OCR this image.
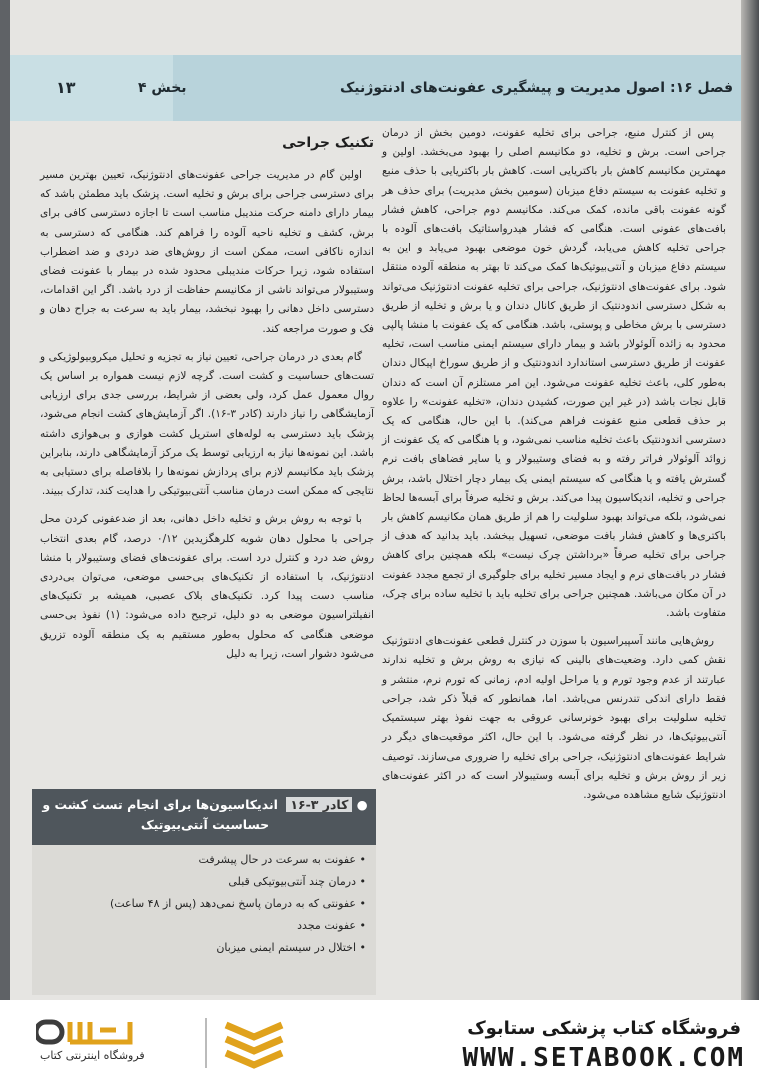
فصل ۱۶: اصول مدیریت و پیشگیری عفونت‌های ادنتوژنیک
بخش ۴
۱۳

پس از کنترل منبع، جراحی برای تخلیه عفونت، دومین بخش از درمان جراحی است. برش و تخلیه، دو مکانیسم اصلی را بهبود می‌بخشد. اولین و مهمترین مکانیسم کاهش بار باکتریایی است. کاهش بار باکتریایی با حذف منبع و تخلیه عفونت به سیستم دفاع میزبان (سومین بخش مدیریت) برای حذف هر گونه عفونت باقی مانده، کمک می‌کند. مکانیسم دوم جراحی، کاهش فشار بافت‌های عفونی است. هنگامی که فشار هیدرواستاتیک بافت‌های آلوده با جراحی تخلیه کاهش می‌یابد، گردش خون موضعی بهبود می‌یابد و این به سیستم دفاع میزبان و آنتی‌بیوتیک‌ها کمک می‌کند تا بهتر به منطقه آلوده منتقل شود. برای عفونت‌های ادنتوژنیک، جراحی برای تخلیه عفونت ادنتوژنیک می‌تواند به شکل دسترسی اندودنتیک از طریق کانال دندان و یا برش و تخلیه از طریق دسترسی با برش مخاطی و پوستی، باشد. هنگامی که یک عفونت با منشا پالپی محدود به زائده آلوئولار باشد و بیمار دارای سیستم ایمنی مناسب است، تخلیه عفونت از طریق دسترسی استاندارد اندودنتیک و از طریق سوراخ اپیکال دندان به‌طور کلی، باعث تخلیه عفونت می‌شود. این امر مستلزم آن است که دندان قابل نجات باشد (در غیر این صورت، کشیدن دندان، «تخلیه عفونت» را علاوه بر حذف قطعی منبع عفونت فراهم می‌کند). با این حال، هنگامی که یک دسترسی اندودنتیک باعث تخلیه مناسب نمی‌شود، و یا هنگامی که یک عفونت از زوائد آلوئولار فراتر رفته و به فضای وستیبولار و یا سایر فضاهای بافت نرم گسترش یافته و یا هنگامی که سیستم ایمنی یک بیمار دچار اختلال باشد، برش جراحی و تخلیه، اندیکاسیون پیدا می‌کند. برش و تخلیه صرفاً برای آبسه‌ها لحاظ نمی‌شود، بلکه می‌تواند بهبود سلولیت را هم از طریق همان مکانیسم کاهش بار باکتری‌ها و کاهش فشار بافت موضعی، تسهیل ببخشد. باید بدانید که هدف از جراحی برای تخلیه صرفاً «برداشتن چرک نیست» بلکه همچنین برای کاهش فشار در بافت‌های نرم و ایجاد مسیر تخلیه برای جلوگیری از تجمع مجدد عفونت در آن مکان می‌باشد. همچنین جراحی برای تخلیه باید با تخلیه ساده برای چرک، متفاوت باشد.

روش‌هایی مانند آسپیراسیون با سوزن در کنترل قطعی عفونت‌های ادنتوژنیک نقش کمی دارد. وضعیت‌های بالینی که نیازی به روش برش و تخلیه ندارند عبارتند از عدم وجود تورم و یا مراحل اولیه ادم، زمانی که تورم نرم، منتشر و فقط دارای اندکی تندرنس می‌باشد. اما، همانطور که قبلاً ذکر شد، جراحی تخلیه سلولیت برای بهبود خونرسانی عروقی به جهت نفوذ بهتر سیستمیک آنتی‌بیوتیک‌ها، در نظر گرفته می‌شود. با این حال، اکثر موقعیت‌های دیگر در شرایط عفونت‌های ادنتوژنیک، جراحی برای تخلیه را ضروری می‌سازند. توصیف زیر از روش برش و تخلیه برای آبسه وستیبولار است که در اکثر عفونت‌های ادنتوژنیک شایع مشاهده می‌شود.

تکنیک جراحی

اولین گام در مدیریت جراحی عفونت‌های ادنتوژنیک، تعیین بهترین مسیر برای دسترسی جراحی برای برش و تخلیه است. پزشک باید مطمئن باشد که بیمار دارای دامنه حرکت مندیبل مناسب است تا اجازه دسترسی کافی برای برش، کشف و تخلیه ناحیه آلوده را فراهم کند. هنگامی که دسترسی به اندازه ناکافی است، ممکن است از روش‌های ضد دردی و ضد اضطراب استفاده شود، زیرا حرکات مندیبلی محدود شده در بیمار با عفونت فضای وستیبولار می‌تواند ناشی از مکانیسم حفاظت از درد باشد. اگر این اقدامات، دسترسی داخل دهانی را بهبود نبخشد، بیمار باید به سرعت به جراح دهان و فک و صورت مراجعه کند.

گام بعدی در درمان جراحی، تعیین نیاز به تجزیه و تحلیل میکروبیولوژیکی و تست‌های حساسیت و کشت است. گرچه لازم نیست همواره بر اساس یک روال معمول عمل کرد، ولی بعضی از شرایط، بررسی جدی برای ارزیابی آزمایشگاهی را نیاز دارند (کادر ۳-۱۶). اگر آزمایش‌های کشت انجام می‌شود، پزشک باید دسترسی به لوله‌های استریل کشت هوازی و بی‌هوازی داشته باشد. این نمونه‌ها نیاز به ارزیابی توسط یک مرکز آزمایشگاهی دارند، بنابراین پزشک باید مکانیسم لازم برای پردازش نمونه‌ها را بلافاصله برای دستیابی به نتایجی که ممکن است درمان مناسب آنتی‌بیوتیکی را هدایت کند، تدارک ببیند.

با توجه به روش برش و تخلیه داخل دهانی، بعد از ضدعفونی کردن محل جراحی با محلول دهان شویه کلرهگزیدین ۰/۱۲ درصد، گام بعدی انتخاب روش ضد درد و کنترل درد است. برای عفونت‌های فضای وستیبولار با منشا ادنتوژنیک، با استفاده از تکنیک‌های بی‌حسی موضعی، می‌توان بی‌دردی مناسب دست پیدا کرد. تکنیک‌های بلاک عصبی، همیشه بر تکنیک‌های انفیلتراسیون موضعی به دو دلیل، ترجیح داده می‌شود: (۱) نفوذ بی‌حسی موضعی هنگامی که محلول به‌طور مستقیم به یک منطقه آلوده تزریق می‌شود دشوار است، زیرا به دلیل

● کادر ۳-۱۶ اندیکاسیون‌ها برای انجام تست کشت و حساسیت آنتی‌بیوتیک
• عفونت به سرعت در حال پیشرفت
• درمان چند آنتی‌بیوتیکی قبلی
• عفونتی که به درمان پاسخ نمی‌دهد (پس از ۴۸ ساعت)
• عفونت مجدد
• اختلال در سیستم ایمنی میزبان
فروشگاه اینترنتی کتاب
فروشگاه کتاب پزشکی ستابوک
WWW.SETABOOK.COM
